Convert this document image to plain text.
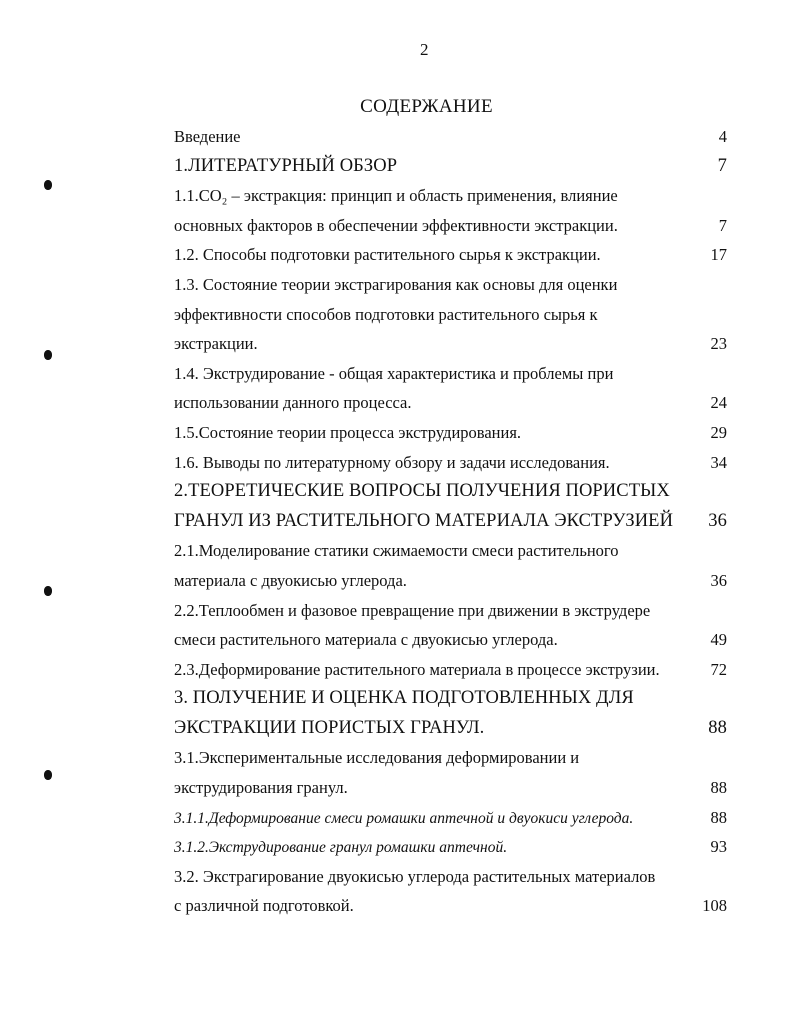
2
СОДЕРЖАНИЕ
Введение	4
1.ЛИТЕРАТУРНЫЙ ОБЗОР	7
1.1.CO₂ – экстракция: принцип и область применения, влияние
основных факторов в обеспечении эффективности экстракции.	7
1.2. Способы подготовки растительного сырья к экстракции.	17
1.3. Состояние теории экстрагирования как основы для оценки
эффективности способов подготовки растительного сырья к
экстракции.	23
1.4. Экструдирование - общая характеристика и проблемы при
использовании данного процесса.	24
1.5.Состояние теории процесса экструдирования.	29
1.6. Выводы по литературному обзору и задачи исследования.	34
2.ТЕОРЕТИЧЕСКИЕ ВОПРОСЫ ПОЛУЧЕНИЯ ПОРИСТЫХ
ГРАНУЛ ИЗ РАСТИТЕЛЬНОГО МАТЕРИАЛА ЭКСТРУЗИЕЙ	36
2.1.Моделирование статики сжимаемости смеси растительного
материала с двуокисью углерода.	36
2.2.Теплообмен и фазовое превращение при движении в экструдере
смеси растительного материала с двуокисью углерода.	49
2.3.Деформирование растительного материала в процессе экструзии.	72
3. ПОЛУЧЕНИЕ И ОЦЕНКА ПОДГОТОВЛЕННЫХ ДЛЯ
ЭКСТРАКЦИИ ПОРИСТЫХ ГРАНУЛ.	88
3.1.Экспериментальные исследования деформировании и
экструдирования гранул.	88
3.1.1.Деформирование смеси ромашки аптечной и двуокиси углерода.	88
3.1.2.Экструдирование гранул ромашки аптечной.	93
3.2. Экстрагирование двуокисью углерода растительных материалов
с различной подготовкой.	108
